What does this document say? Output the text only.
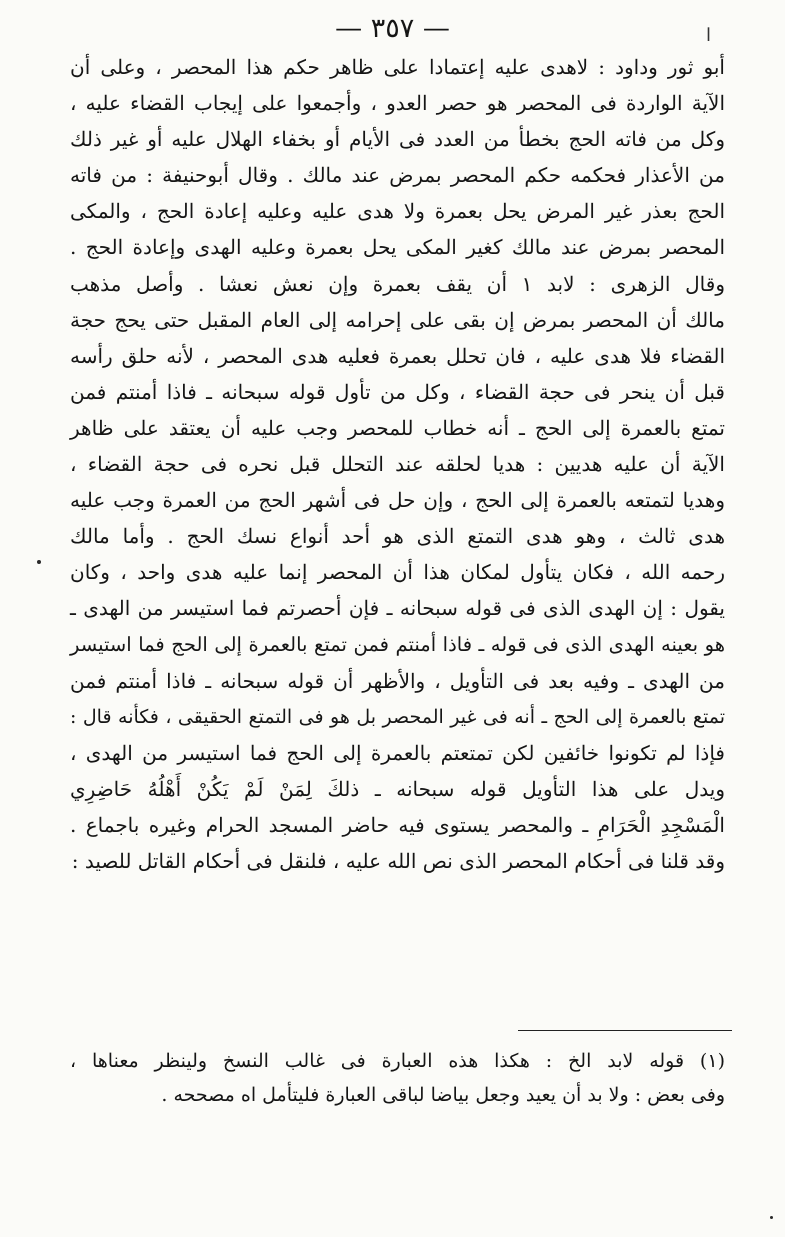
— ٣٥٧ —	ا
أبو ثور وداود : لاهدى عليه إعتمادا على ظاهر حكم هذا المحصر ، وعلى أن
الآية الواردة فى المحصر هو حصر العدو ، وأجمعوا على إيجاب القضاء عليه ،
وكل من فاته الحج بخطأ من العدد فى الأيام أو بخفاء الهلال عليه أو غير ذلك
من الأعذار فحكمه حكم المحصر بمرض عند مالك . وقال أبوحنيفة : من فاته
الحج بعذر غير المرض يحل بعمرة ولا هدى عليه وعليه إعادة الحج ، والمكى
المحصر بمرض عند مالك كغير المكى يحل بعمرة وعليه الهدى وإعادة الحج .
وقال الزهرى : لابد ١ أن يقف بعمرة وإن نعش نعشا . وأصل مذهب
مالك أن المحصر بمرض إن بقى على إحرامه إلى العام المقبل حتى يحج حجة
القضاء فلا هدى عليه ، فان تحلل بعمرة فعليه هدى المحصر ، لأنه حلق رأسه
قبل أن ينحر فى حجة القضاء ، وكل من تأول قوله سبحانه ـ فاذا أمنتم فمن
تمتع بالعمرة إلى الحج ـ أنه خطاب للمحصر وجب عليه أن يعتقد على ظاهر
الآية أن عليه هديين : هديا لحلقه عند التحلل قبل نحره فى حجة القضاء ،
وهديا لتمتعه بالعمرة إلى الحج ، وإن حل فى أشهر الحج من العمرة وجب عليه
هدى ثالث ، وهو هدى التمتع الذى هو أحد أنواع نسك الحج . وأما مالك
رحمه الله ، فكان يتأول لمكان هذا أن المحصر إنما عليه هدى واحد ، وكان
يقول : إن الهدى الذى فى قوله سبحانه ـ فإن أحصرتم فما استيسر من الهدى ـ
هو بعينه الهدى الذى فى قوله ـ فاذا أمنتم فمن تمتع بالعمرة إلى الحج فما استيسر
من الهدى ـ وفيه بعد فى التأويل ، والأظهر أن قوله سبحانه ـ فاذا أمنتم فمن
تمتع بالعمرة إلى الحج ـ أنه فى غير المحصر بل هو فى التمتع الحقيقى ، فكأنه قال :
فإذا لم تكونوا خائفين لكن تمتعتم بالعمرة إلى الحج فما استيسر من الهدى ،
ويدل على هذا التأويل قوله سبحانه ـ ذلكَ لِمَنْ لَمْ يَكُنْ أَهْلُهُ حَاضِرِي
الْمَسْجِدِ الْحَرَامِ ـ والمحصر يستوى فيه حاضر المسجد الحرام وغيره باجماع .
وقد قلنا فى أحكام المحصر الذى نص الله عليه ، فلنقل فى أحكام القاتل للصيد :
(١) قوله لابد الخ : هكذا هذه العبارة فى غالب النسخ ولينظر معناها ،
وفى بعض : ولا بد أن يعيد وجعل بياضا لباقى العبارة فليتأمل اه مصححه .
